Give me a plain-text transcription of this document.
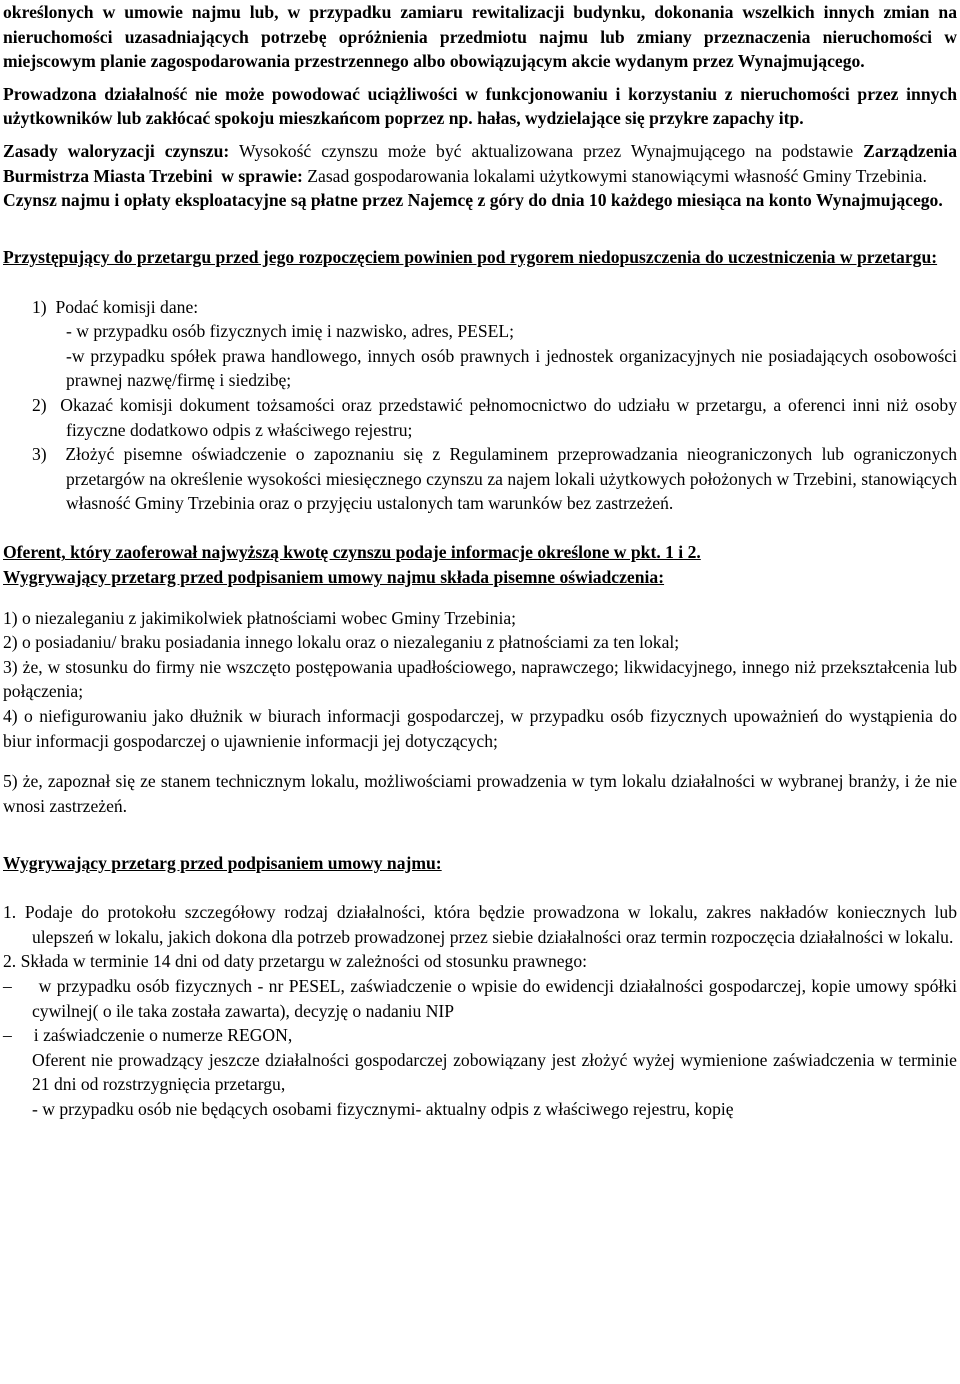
określonych w umowie najmu lub, w przypadku zamiaru rewitalizacji budynku, dokonania wszelkich innych zmian na nieruchomości uzasadniających potrzebę opróżnienia przedmiotu najmu lub zmiany przeznaczenia nieruchomości w miejscowym planie zagospodarowania przestrzennego albo obowiązującym akcie wydanym przez Wynajmującego.

Prowadzona działalność nie może powodować uciążliwości w funkcjonowaniu i korzystaniu z nieruchomości przez innych użytkowników lub zakłócać spokoju mieszkańcom poprzez np. hałas, wydzielające się przykre zapachy itp.

Zasady waloryzacji czynszu: Wysokość czynszu może być aktualizowana przez Wynajmującego na podstawie Zarządzenia Burmistrza Miasta Trzebini w sprawie: Zasad gospodarowania lokalami użytkowymi stanowiącymi własność Gminy Trzebinia.

Czynsz najmu i opłaty eksploatacyjne są płatne przez Najemcę z góry do dnia 10 każdego miesiąca na konto Wynajmującego.

Przystępujący do przetargu przed jego rozpoczęciem powinien pod rygorem niedopuszczenia do uczestniczenia w przetargu:

1) Podać komisji dane:

- w przypadku osób fizycznych imię i nazwisko, adres, PESEL;

-w przypadku spółek prawa handlowego, innych osób prawnych i jednostek organizacyjnych nie posiadających osobowości prawnej nazwę/firmę i siedzibę;

2) Okazać komisji dokument tożsamości oraz przedstawić pełnomocnictwo do udziału w przetargu, a oferenci inni niż osoby fizyczne dodatkowo odpis z właściwego rejestru;

3) Złożyć pisemne oświadczenie o zapoznaniu się z Regulaminem przeprowadzania nieograniczonych lub ograniczonych przetargów na określenie wysokości miesięcznego czynszu za najem lokali użytkowych położonych w Trzebini, stanowiących własność Gminy Trzebinia oraz o przyjęciu ustalonych tam warunków bez zastrzeżeń.

Oferent, który zaoferował najwyższą kwotę czynszu podaje informacje określone w pkt. 1 i 2.

Wygrywający przetarg przed podpisaniem umowy najmu składa pisemne oświadczenia:

1) o niezaleganiu z jakimikolwiek płatnościami wobec Gminy Trzebinia;

2) o posiadaniu/ braku posiadania innego lokalu oraz o niezaleganiu z płatnościami za ten lokal;

3) że, w stosunku do firmy nie wszczęto postępowania upadłościowego, naprawczego; likwidacyjnego, innego niż przekształcenia lub połączenia;

4) o niefigurowaniu jako dłużnik w biurach informacji gospodarczej, w przypadku osób fizycznych upoważnień do wystąpienia do biur informacji gospodarczej o ujawnienie informacji jej dotyczących;

5) że, zapoznał się ze stanem technicznym lokalu, możliwościami prowadzenia w tym lokalu działalności w wybranej branży, i że nie wnosi zastrzeżeń.

Wygrywający przetarg przed podpisaniem umowy najmu:

1. Podaje do protokołu szczegółowy rodzaj działalności, która będzie prowadzona w lokalu, zakres nakładów koniecznych lub ulepszeń w lokalu, jakich dokona dla potrzeb prowadzonej przez siebie działalności oraz termin rozpoczęcia działalności w lokalu.

2. Składa w terminie 14 dni od daty przetargu w zależności od stosunku prawnego:

– w przypadku osób fizycznych - nr PESEL, zaświadczenie o wpisie do ewidencji działalności gospodarczej, kopie umowy spółki cywilnej( o ile taka została zawarta), decyzję o nadaniu NIP

– i zaświadczenie o numerze REGON,

Oferent nie prowadzący jeszcze działalności gospodarczej zobowiązany jest złożyć wyżej wymienione zaświadczenia w terminie 21 dni od rozstrzygnięcia przetargu,

- w przypadku osób nie będących osobami fizycznymi- aktualny odpis z właściwego rejestru, kopię
